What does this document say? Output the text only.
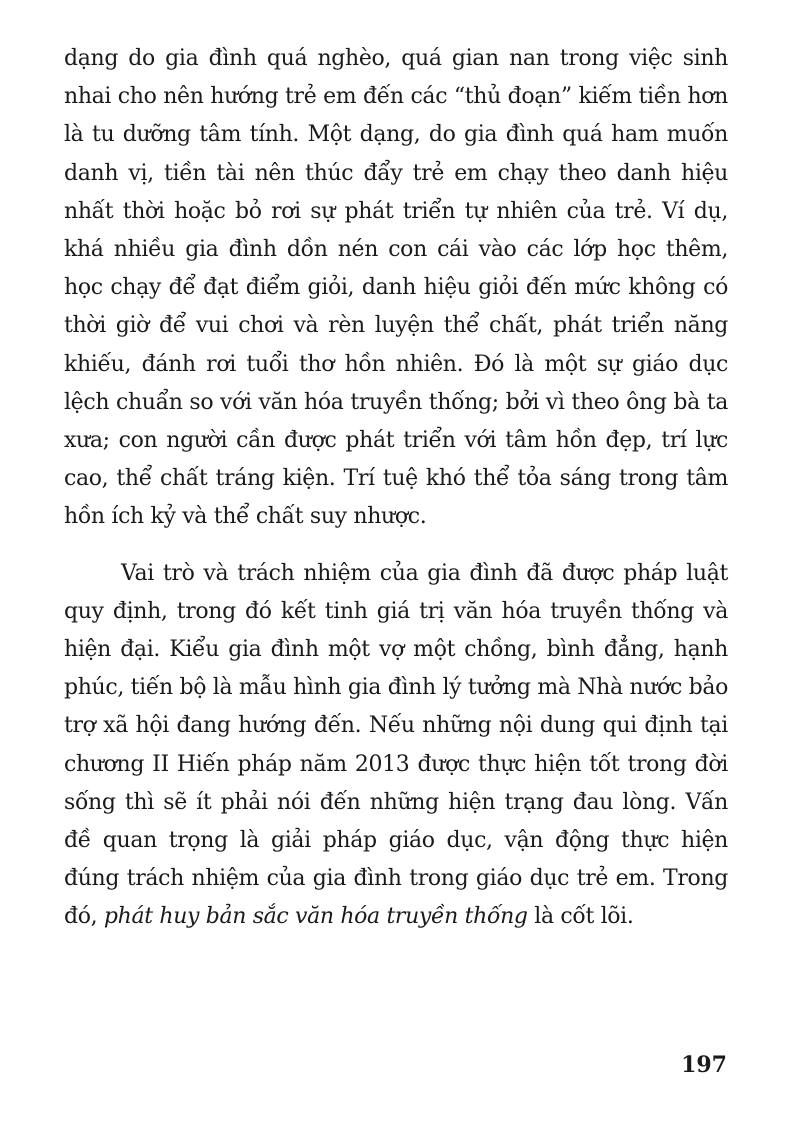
dạng do gia đình quá nghèo, quá gian nan trong việc sinh nhai cho nên hướng trẻ em đến các “thủ đoạn” kiếm tiền hơn là tu dưỡng tâm tính. Một dạng, do gia đình quá ham muốn danh vị, tiền tài nên thúc đẩy trẻ em chạy theo danh hiệu nhất thời hoặc bỏ rơi sự phát triển tự nhiên của trẻ. Ví dụ, khá nhiều gia đình dồn nén con cái vào các lớp học thêm, học chạy để đạt điểm giỏi, danh hiệu giỏi đến mức không có thời giờ để vui chơi và rèn luyện thể chất, phát triển năng khiếu, đánh rơi tuổi thơ hồn nhiên. Đó là một sự giáo dục lệch chuẩn so với văn hóa truyền thống; bởi vì theo ông bà ta xưa; con người cần được phát triển với tâm hồn đẹp, trí lực cao, thể chất tráng kiện. Trí tuệ khó thể tỏa sáng trong tâm hồn ích kỷ và thể chất suy nhược.

Vai trò và trách nhiệm của gia đình đã được pháp luật quy định, trong đó kết tinh giá trị văn hóa truyền thống và hiện đại. Kiểu gia đình một vợ một chồng, bình đẳng, hạnh phúc, tiến bộ là mẫu hình gia đình lý tưởng mà Nhà nước bảo trợ xã hội đang hướng đến. Nếu những nội dung qui định tại chương II Hiến pháp năm 2013 được thực hiện tốt trong đời sống thì sẽ ít phải nói đến những hiện trạng đau lòng. Vấn đề quan trọng là giải pháp giáo dục, vận động thực hiện đúng trách nhiệm của gia đình trong giáo dục trẻ em. Trong đó, phát huy bản sắc văn hóa truyền thống là cốt lõi.

197
